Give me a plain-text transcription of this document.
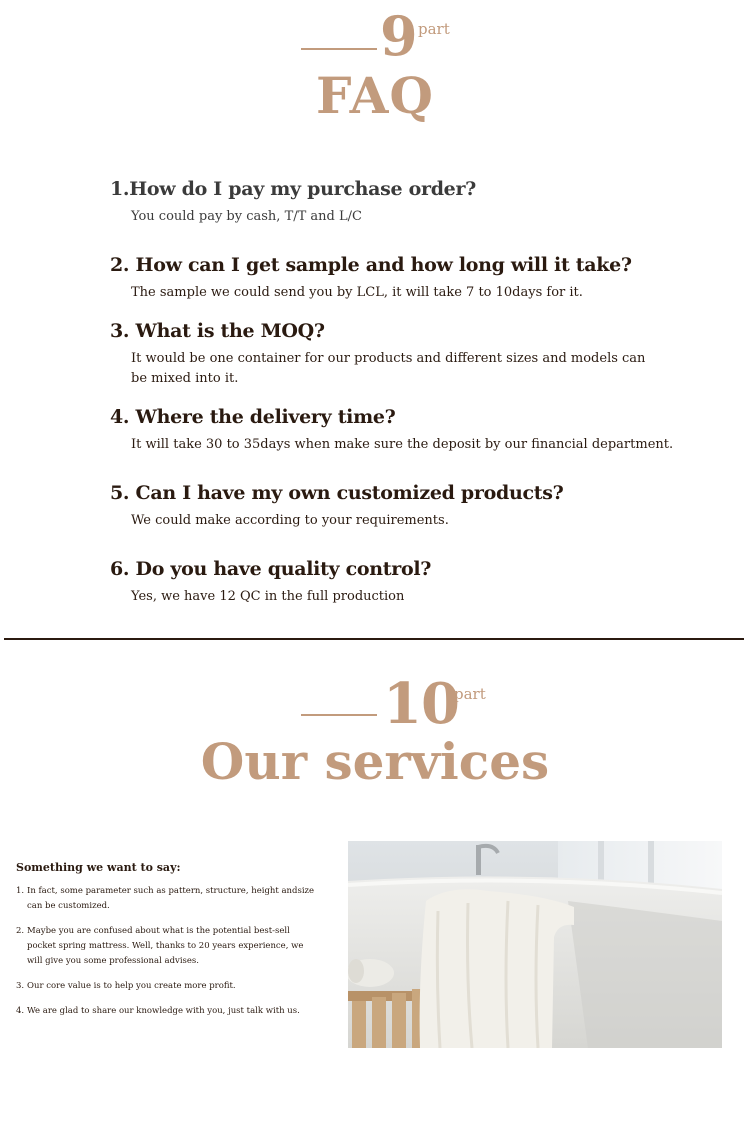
9 part
FAQ
1.How do I pay my purchase order?
You could pay by cash, T/T and L/C
2. How can I get sample and how long will it take?
The sample we could send you by LCL, it will take 7 to 10days for it.
3. What is the MOQ?
It would be one container for our products and different sizes and models can
be mixed into it.
4. Where the delivery time?
It will take 30 to 35days when make sure the deposit by our financial department.
5. Can I have my own customized products?
We could make according to your requirements.
6. Do you have quality control?
Yes, we have 12 QC in the full production
10
part
Our services
Something we want to say:
1. In fact, some parameter such as pattern, structure, height andsize can be customized.
2. Maybe you are confused about what is the potential best-sell pocket spring mattress. Well, thanks to 20 years experience, we will give you some professional advises.
3. Our core value is to help you create more profit.
4. We are glad to share our knowledge with you, just talk with us.
